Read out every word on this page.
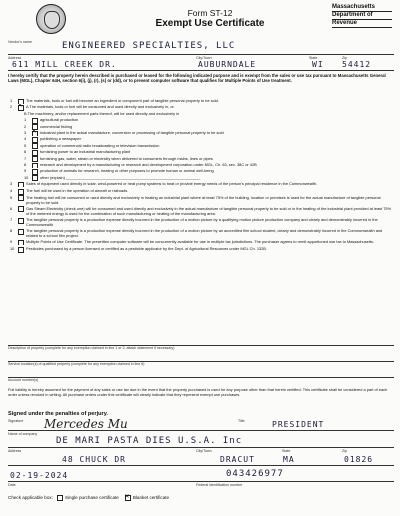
Form ST-12
Exempt Use Certificate
Massachusetts
Department of
Revenue
Vendor's name	ENGINEERED SPECIALTIES, LLC
Address	City/Town	State	Zip
611 MILL CREEK DR.	AUBURNDALE	WI 54412
I hereby certify that the property herein described is purchased or leased for the following indicated purpose and is exempt from the sales or use tax pursuant to Massachusetts General Laws (MGL), Chapter 64H, section 6(i), (j), (r), (s) or (dd), or to prevent computer software that qualifies for Multiple Points of Use treatment.
1	The materials, tools or fuel will become an ingredient or component part of tangible personal property to be sold.
2 ✕	A The materials, tools or fuel will be consumed and used directly and exclusively in, or
B The machinery, and/or replacement parts thereof, will be used directly and exclusively in
1	agricultural production
2	commercial fishing
3 ✕	industrial plant in the actual manufacture, conversion or processing of tangible personal property to be sold
4	publishing a newspaper
5	operation of commercial radio broadcasting or television transmission
6	furnishing power to an industrial manufacturing plant
7	furnishing gas, water, steam or electricity when delivered to consumers through mains, lines or pipes
8	research and development by a manufacturing or research and development corporation under MGL, Ch. 63, sec. 38C or 42B
9	production of animals for research, heating or other purposes to promote human or animal well-being
10	other (explain) ______________________________________________________________
3	Sales of equipment used directly in solar, wind-powered or heat pump systems to heat or provide energy needs of the person's principal residence in the Commonwealth.
4	The fuel will be used in the operation of aircraft or railroads.
5	The heating fuel will be consumed or used directly and exclusively in heating an industrial plant where at least 75% of the building, location or premises is used for the actual manufacture of tangible personal property to be sold.
6	Gas Steam Electricity (check one) will be consumed and used directly and exclusively in the actual manufacture of tangible personal property to be sold or in the heating of the industrial plant provided at least 75% of the metered energy is used for the combination of such manufacturing or heating of the manufacturing area.
7	The tangible personal property is a production expense directly incurred in the production of a motion picture by a qualifying motion picture production company and clearly and demonstrably incurred in the Commonwealth.
8	The tangible personal property is a production expense directly incurred in the production of a motion picture by an accredited film school student, clearly and demonstrably incurred in the Commonwealth and related to a school film project.
9	Multiple Points of Use Certificate. The prewritten computer software will be concurrently available for use in multiple tax jurisdictions. The purchaser agrees to remit apportioned use tax to Massachusetts.
10	Pesticides purchased by a person licensed or certified as a pesticide applicator by the Dept. of Agricultural Resources under MGL Ch. 132B.
Description of property (complete for any exemption claimed in line 1 or 2; attach statement if necessary)
Service location(s) of qualified property (complete for any exemption claimed in line 6)
Account number(s)
Full liability is hereby assumed for the payment of any sales or use tax due in the event that the property purchased is used for any purpose other than that herein certified. This certificate shall be considered a part of each order unless revoked in writing. All purchase orders under this certificate will clearly indicate that they represent exempt use purchases.
Signed under the penalties of perjury.
Signature	Title
Mercedes Mu	PRESIDENT
Name of company
DE MARI PASTA DIES U.S.A. Inc
Address	City/Town	State	Zip
48 CHUCK DR	DRACUT	MA	01826
02-19-2024	043426977
Date	Federal identification number
Check applicable box:	Single purchase certificate ✕	Blanket certificate
